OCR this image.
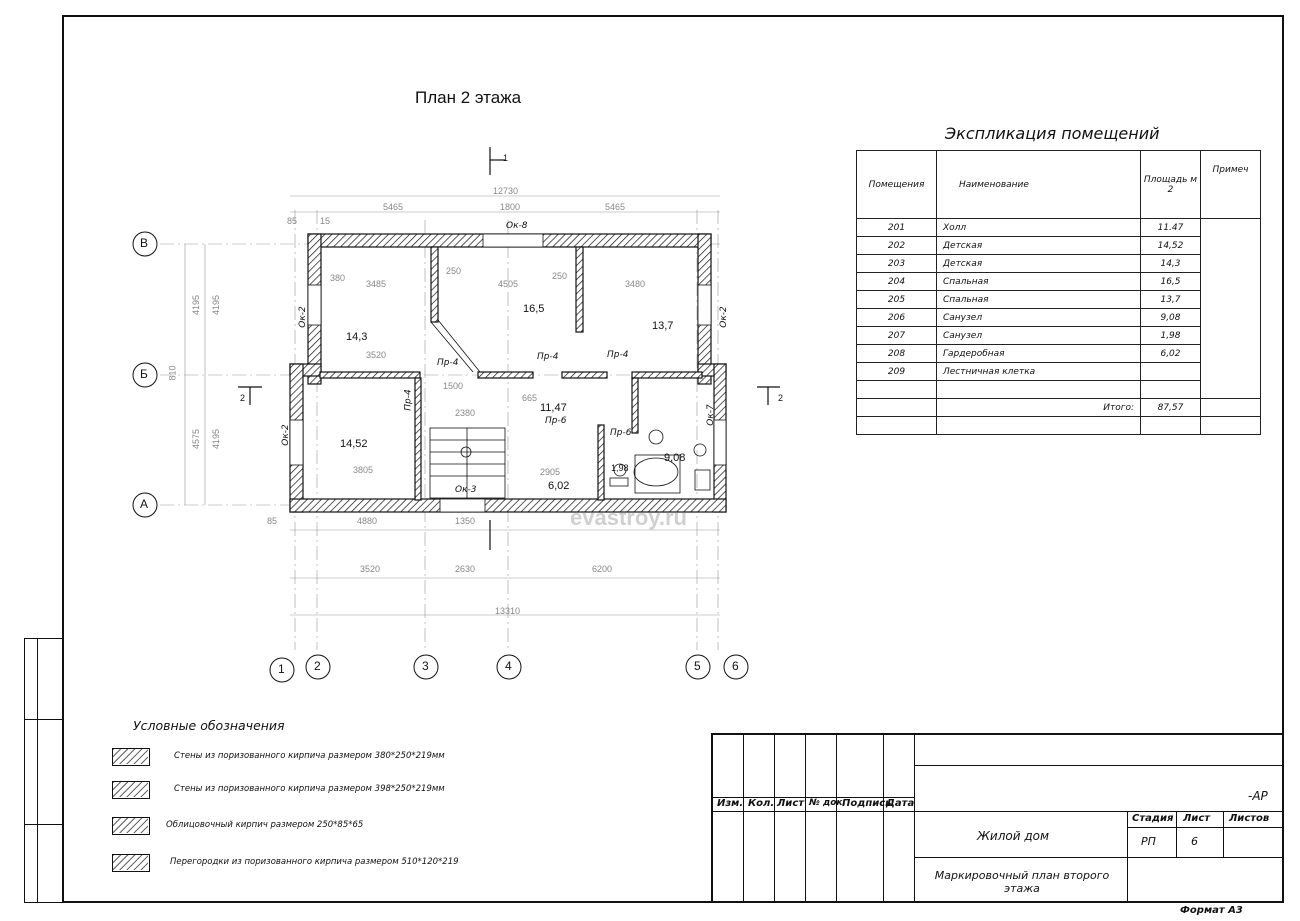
План 2 этажа
В
Б
А
1 2	3	4	5	6
1
2	2
14,3
16,5
13,7
14,52
11,47
6,02
9,08
1,98
Ок-8
Ок-2	Ок-2
Ок-2
Ок-7
Ок-3
Пр-4
Пр-4	Пр-4
Пр-4
Пр-6
Пр-6
12730
5465	1800	5465
85	15
4880	1350
85
3520	2630	6200
13310
4195 4195
4575 4195
810
380
3485
250
4505
250
3480
3520
1500
2380
3805	2905
665
evastroy.ru
Экспликация помещений
Помещения	Наименование	Площадь м 2	Примеч
201	Холл	11.47	
202	Детская	14,52	
203	Детская	14,3	
204	Спальная	16,5	
205	Спальная	13,7	
206	Санузел	9,08	
207	Санузел	1,98	
208	Гардеробная	6,02	
209	Лестничная клетка		

	Итого:	87,57	

Условные обозначения
Стены из поризованного кирпича размером 380*250*219мм
Стены из поризованного кирпича размером 398*250*219мм
Облицовочный кирпич размером 250*85*65
Перегородки из поризованного кирпича размером 510*120*219
-АР
Изм. Кол. Лист № док.
Подпись
Дата
Жилой дом
Маркировочный план второго этажа
Стадия Лист Листов
РП	6
Формат А3
